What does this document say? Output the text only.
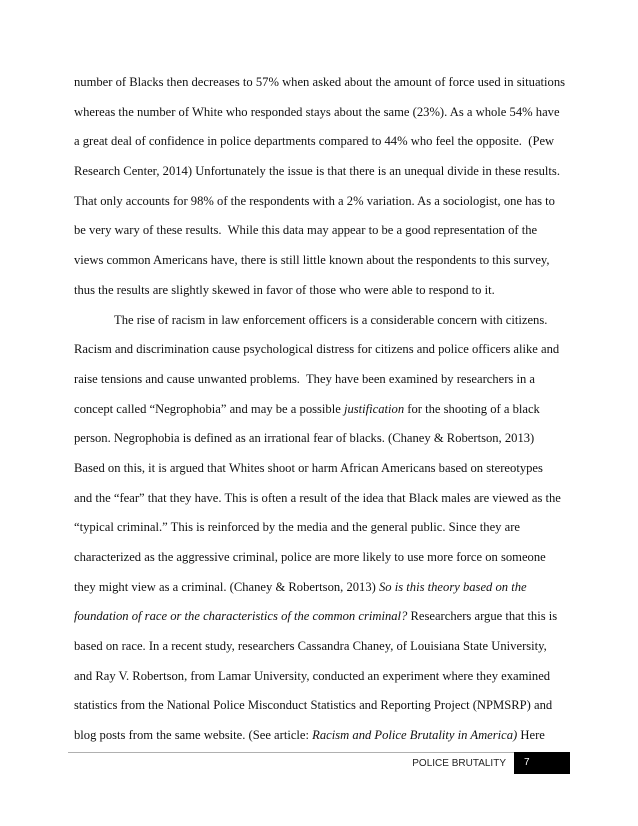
number of Blacks then decreases to 57% when asked about the amount of force used in situations
whereas the number of White who responded stays about the same (23%). As a whole 54% have
a great deal of confidence in police departments compared to 44% who feel the opposite.  (Pew
Research Center, 2014) Unfortunately the issue is that there is an unequal divide in these results.
That only accounts for 98% of the respondents with a 2% variation. As a sociologist, one has to
be very wary of these results.  While this data may appear to be a good representation of the
views common Americans have, there is still little known about the respondents to this survey,
thus the results are slightly skewed in favor of those who were able to respond to it.
The rise of racism in law enforcement officers is a considerable concern with citizens.
Racism and discrimination cause psychological distress for citizens and police officers alike and
raise tensions and cause unwanted problems.  They have been examined by researchers in a
concept called “Negrophobia” and may be a possible justification for the shooting of a black
person. Negrophobia is defined as an irrational fear of blacks. (Chaney & Robertson, 2013)
Based on this, it is argued that Whites shoot or harm African Americans based on stereotypes
and the “fear” that they have. This is often a result of the idea that Black males are viewed as the
“typical criminal.” This is reinforced by the media and the general public. Since they are
characterized as the aggressive criminal, police are more likely to use more force on someone
they might view as a criminal. (Chaney & Robertson, 2013) So is this theory based on the
foundation of race or the characteristics of the common criminal? Researchers argue that this is
based on race. In a recent study, researchers Cassandra Chaney, of Louisiana State University,
and Ray V. Robertson, from Lamar University, conducted an experiment where they examined
statistics from the National Police Misconduct Statistics and Reporting Project (NPMSRP) and
blog posts from the same website. (See article: Racism and Police Brutality in America) Here
POLICE BRUTALITY	7
